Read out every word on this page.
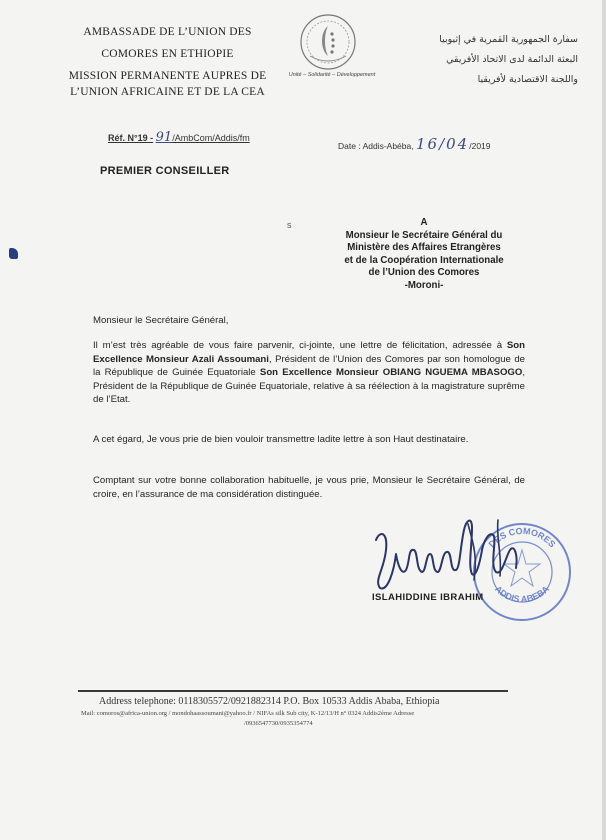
AMBASSADE DE L’UNION DES
COMORES EN ETHIOPIE
MISSION PERMANENTE AUPRES DE
L’UNION AFRICAINE ET DE LA CEA
Unité – Solidarité – Développement
سفارة الجمهورية القمرية في إثيوبيا
البعثة الدائمة لدى الاتحاد الأفريقي
واللجنة الاقتصادية لأفريقيا
Réf. N°19 - 91/AmbCom/Addis/fm
Date : Addis-Abéba, 16/04/2019
PREMIER CONSEILLER
s	A
Monsieur le Secrétaire Général du
Ministère des Affaires Etrangères
et de la Coopération Internationale
de l’Union des Comores
-Moroni-
Monsieur le Secrétaire Général,
Il m’est très agréable de vous faire parvenir, ci-jointe, une lettre de félicitation, adressée à Son Excellence Monsieur Azali Assoumani, Président de l’Union des Comores par son homologue de la République de Guinée Equatoriale Son Excellence Monsieur OBIANG NGUEMA MBASOGO, Président de la République de Guinée Equatoriale, relative à sa réélection à la magistrature suprême de l’Etat.
A cet égard, Je vous prie de bien vouloir transmettre ladite lettre à son Haut destinataire.
Comptant sur votre bonne collaboration habituelle, je vous prie, Monsieur le Secrétaire Général, de croire, en l’assurance de ma considération distinguée.
DES COMORES
ADDIS ABEBA
ISLAHIDDINE IBRAHIM
Address telephone: 0118305572/0921882314 P.O. Box 10533 Addis Ababa, Ethiopia
Mail: comoros@africa-union.org / mondohaassoumani@yahoo.fr / NIFAs silk Sub city, K-12/13/H n° 0324 Addis2ème Adresse
/0936547730/0935354774
